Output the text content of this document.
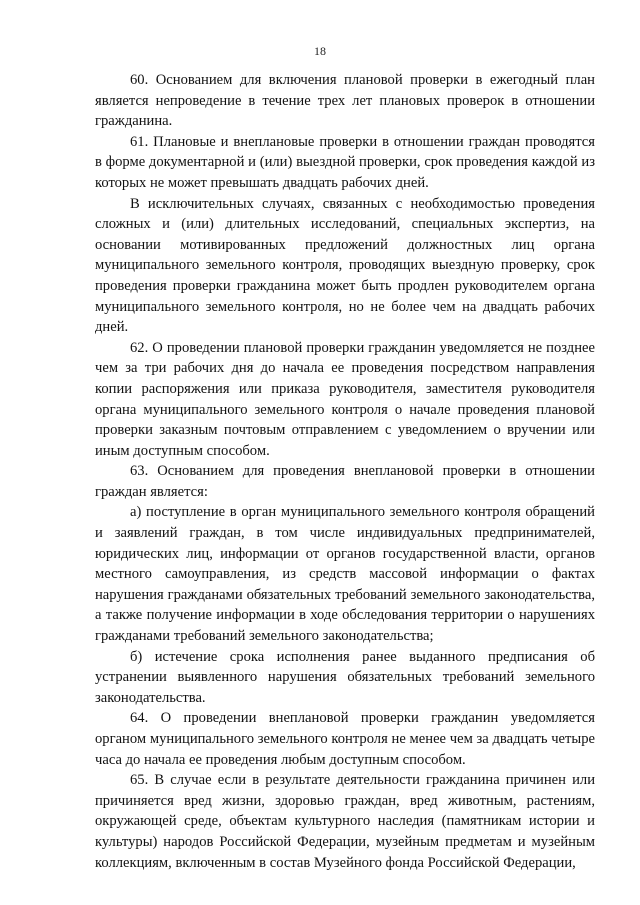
18

60. Основанием для включения плановой проверки в ежегодный план является непроведение в течение трех лет плановых проверок в отношении гражданина.

61. Плановые и внеплановые проверки в отношении граждан проводятся в форме документарной и (или) выездной проверки, срок проведения каждой из которых не может превышать двадцать рабочих дней.

В исключительных случаях, связанных с необходимостью проведения сложных и (или) длительных исследований, специальных экспертиз, на основании мотивированных предложений должностных лиц органа муниципального земельного контроля, проводящих выездную проверку, срок проведения проверки гражданина может быть продлен руководителем органа муниципального земельного контроля, но не более чем на двадцать рабочих дней.

62. О проведении плановой проверки гражданин уведомляется не позднее чем за три рабочих дня до начала ее проведения посредством направления копии распоряжения или приказа руководителя, заместителя руководителя органа муниципального земельного контроля о начале проведения плановой проверки заказным почтовым отправлением с уведомлением о вручении или иным доступным способом.

63. Основанием для проведения внеплановой проверки в отношении граждан является:

а) поступление в орган муниципального земельного контроля обращений и заявлений граждан, в том числе индивидуальных предпринимателей, юридических лиц, информации от органов государственной власти, органов местного самоуправления, из средств массовой информации о фактах нарушения гражданами обязательных требований земельного законодательства, а также получение информации в ходе обследования территории о нарушениях гражданами требований земельного законодательства;

б) истечение срока исполнения ранее выданного предписания об устранении выявленного нарушения обязательных требований земельного законодательства.

64. О проведении внеплановой проверки гражданин уведомляется органом муниципального земельного контроля не менее чем за двадцать четыре часа до начала ее проведения любым доступным способом.

65. В случае если в результате деятельности гражданина причинен или причиняется вред жизни, здоровью граждан, вред животным, растениям, окружающей среде, объектам культурного наследия (памятникам истории и культуры) народов Российской Федерации, музейным предметам и музейным коллекциям, включенным в состав Музейного фонда Российской Федерации,
